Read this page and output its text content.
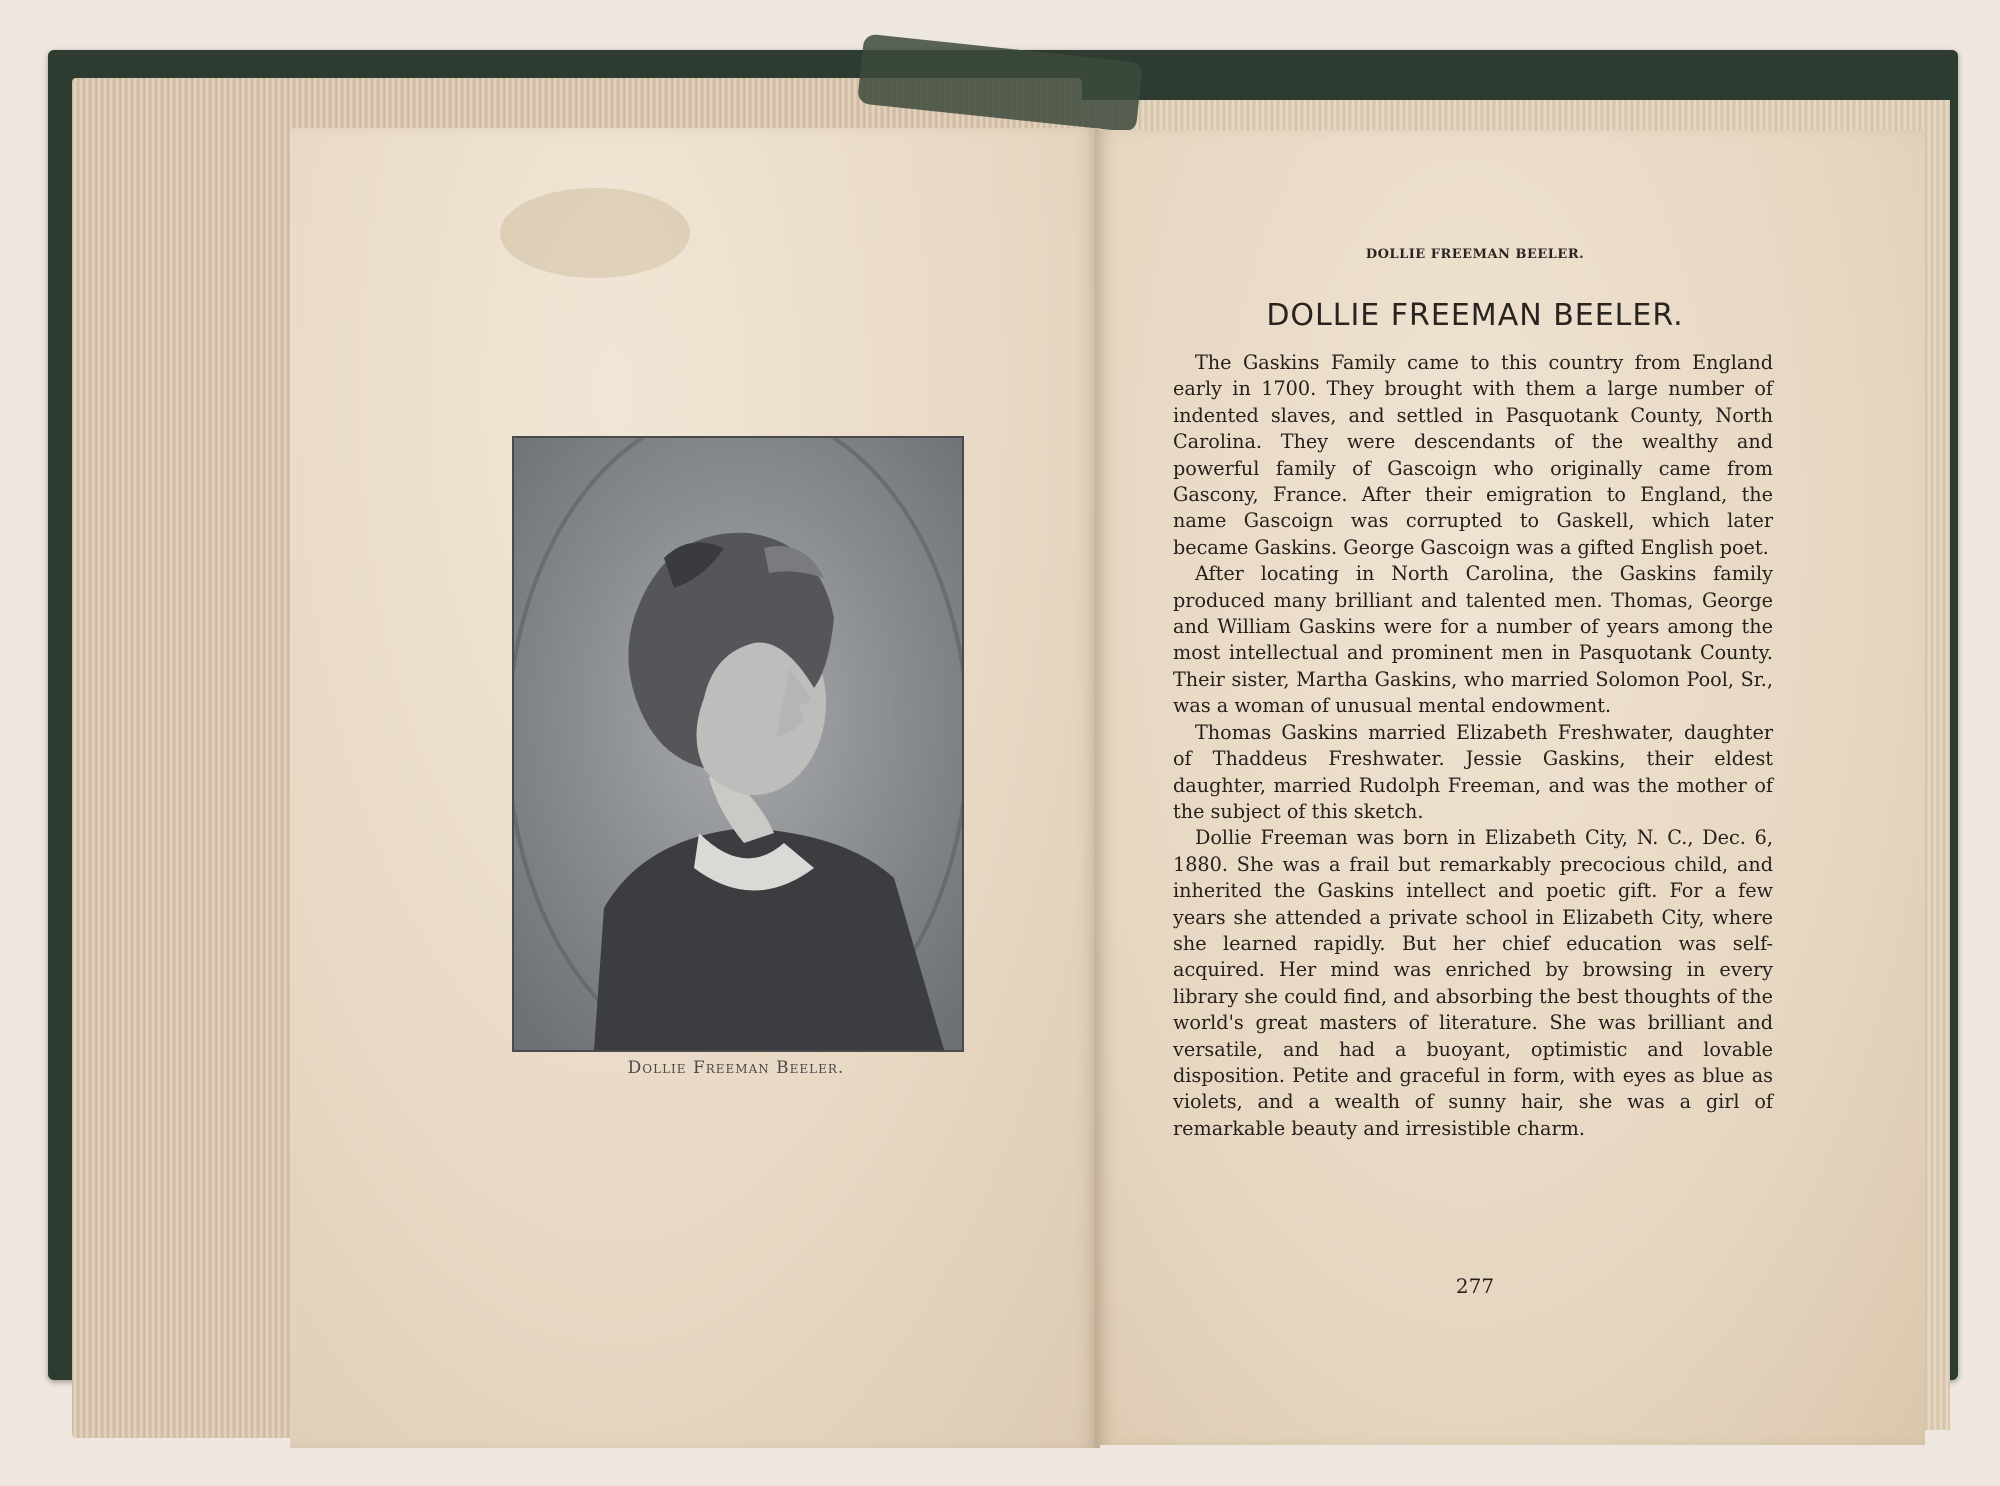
Dollie Freeman Beeler.
DOLLIE FREEMAN BEELER.
DOLLIE FREEMAN BEELER.

The Gaskins Family came to this country from England early in 1700. They brought with them a large number of indented slaves, and settled in Pasquotank County, North Carolina. They were descendants of the wealthy and powerful family of Gascoign who originally came from Gascony, France. After their emigration to England, the name Gascoign was corrupted to Gaskell, which later became Gaskins. George Gascoign was a gifted English poet.

After locating in North Carolina, the Gaskins family produced many brilliant and talented men. Thomas, George and William Gaskins were for a number of years among the most intellectual and prominent men in Pasquotank County. Their sister, Martha Gaskins, who married Solomon Pool, Sr., was a woman of unusual mental endowment.

Thomas Gaskins married Elizabeth Freshwater, daughter of Thaddeus Freshwater. Jessie Gaskins, their eldest daughter, married Rudolph Freeman, and was the mother of the subject of this sketch.

Dollie Freeman was born in Elizabeth City, N. C., Dec. 6, 1880. She was a frail but remarkably precocious child, and inherited the Gaskins intellect and poetic gift. For a few years she attended a private school in Elizabeth City, where she learned rapidly. But her chief education was self-acquired. Her mind was enriched by browsing in every library she could find, and absorbing the best thoughts of the world's great masters of literature. She was brilliant and versatile, and had a buoyant, optimistic and lovable disposition. Petite and graceful in form, with eyes as blue as violets, and a wealth of sunny hair, she was a girl of remarkable beauty and irresistible charm.

277
